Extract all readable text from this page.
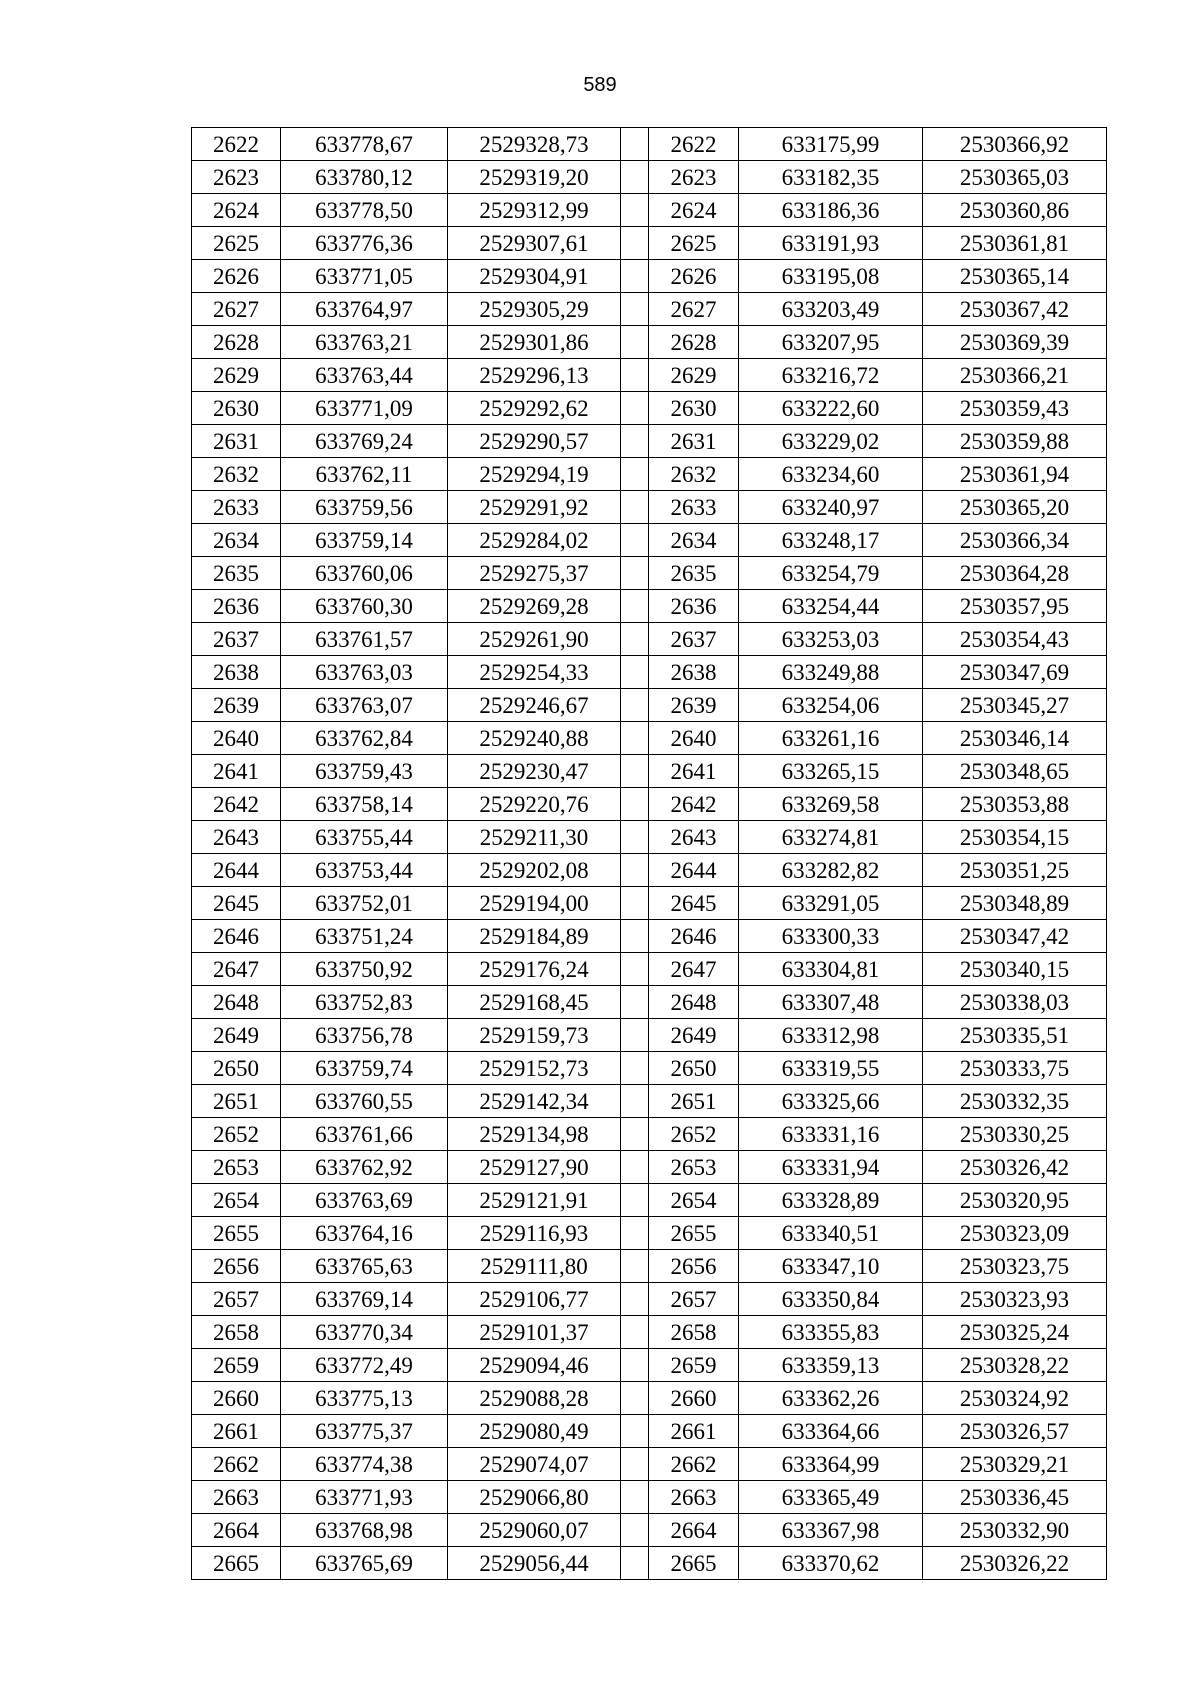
589
2622	633778,67	2529328,73		2622	633175,99	2530366,92
2623	633780,12	2529319,20		2623	633182,35	2530365,03
2624	633778,50	2529312,99		2624	633186,36	2530360,86
2625	633776,36	2529307,61		2625	633191,93	2530361,81
2626	633771,05	2529304,91		2626	633195,08	2530365,14
2627	633764,97	2529305,29		2627	633203,49	2530367,42
2628	633763,21	2529301,86		2628	633207,95	2530369,39
2629	633763,44	2529296,13		2629	633216,72	2530366,21
2630	633771,09	2529292,62		2630	633222,60	2530359,43
2631	633769,24	2529290,57		2631	633229,02	2530359,88
2632	633762,11	2529294,19		2632	633234,60	2530361,94
2633	633759,56	2529291,92		2633	633240,97	2530365,20
2634	633759,14	2529284,02		2634	633248,17	2530366,34
2635	633760,06	2529275,37		2635	633254,79	2530364,28
2636	633760,30	2529269,28		2636	633254,44	2530357,95
2637	633761,57	2529261,90		2637	633253,03	2530354,43
2638	633763,03	2529254,33		2638	633249,88	2530347,69
2639	633763,07	2529246,67		2639	633254,06	2530345,27
2640	633762,84	2529240,88		2640	633261,16	2530346,14
2641	633759,43	2529230,47		2641	633265,15	2530348,65
2642	633758,14	2529220,76		2642	633269,58	2530353,88
2643	633755,44	2529211,30		2643	633274,81	2530354,15
2644	633753,44	2529202,08		2644	633282,82	2530351,25
2645	633752,01	2529194,00		2645	633291,05	2530348,89
2646	633751,24	2529184,89		2646	633300,33	2530347,42
2647	633750,92	2529176,24		2647	633304,81	2530340,15
2648	633752,83	2529168,45		2648	633307,48	2530338,03
2649	633756,78	2529159,73		2649	633312,98	2530335,51
2650	633759,74	2529152,73		2650	633319,55	2530333,75
2651	633760,55	2529142,34		2651	633325,66	2530332,35
2652	633761,66	2529134,98		2652	633331,16	2530330,25
2653	633762,92	2529127,90		2653	633331,94	2530326,42
2654	633763,69	2529121,91		2654	633328,89	2530320,95
2655	633764,16	2529116,93		2655	633340,51	2530323,09
2656	633765,63	2529111,80		2656	633347,10	2530323,75
2657	633769,14	2529106,77		2657	633350,84	2530323,93
2658	633770,34	2529101,37		2658	633355,83	2530325,24
2659	633772,49	2529094,46		2659	633359,13	2530328,22
2660	633775,13	2529088,28		2660	633362,26	2530324,92
2661	633775,37	2529080,49		2661	633364,66	2530326,57
2662	633774,38	2529074,07		2662	633364,99	2530329,21
2663	633771,93	2529066,80		2663	633365,49	2530336,45
2664	633768,98	2529060,07		2664	633367,98	2530332,90
2665	633765,69	2529056,44		2665	633370,62	2530326,22
